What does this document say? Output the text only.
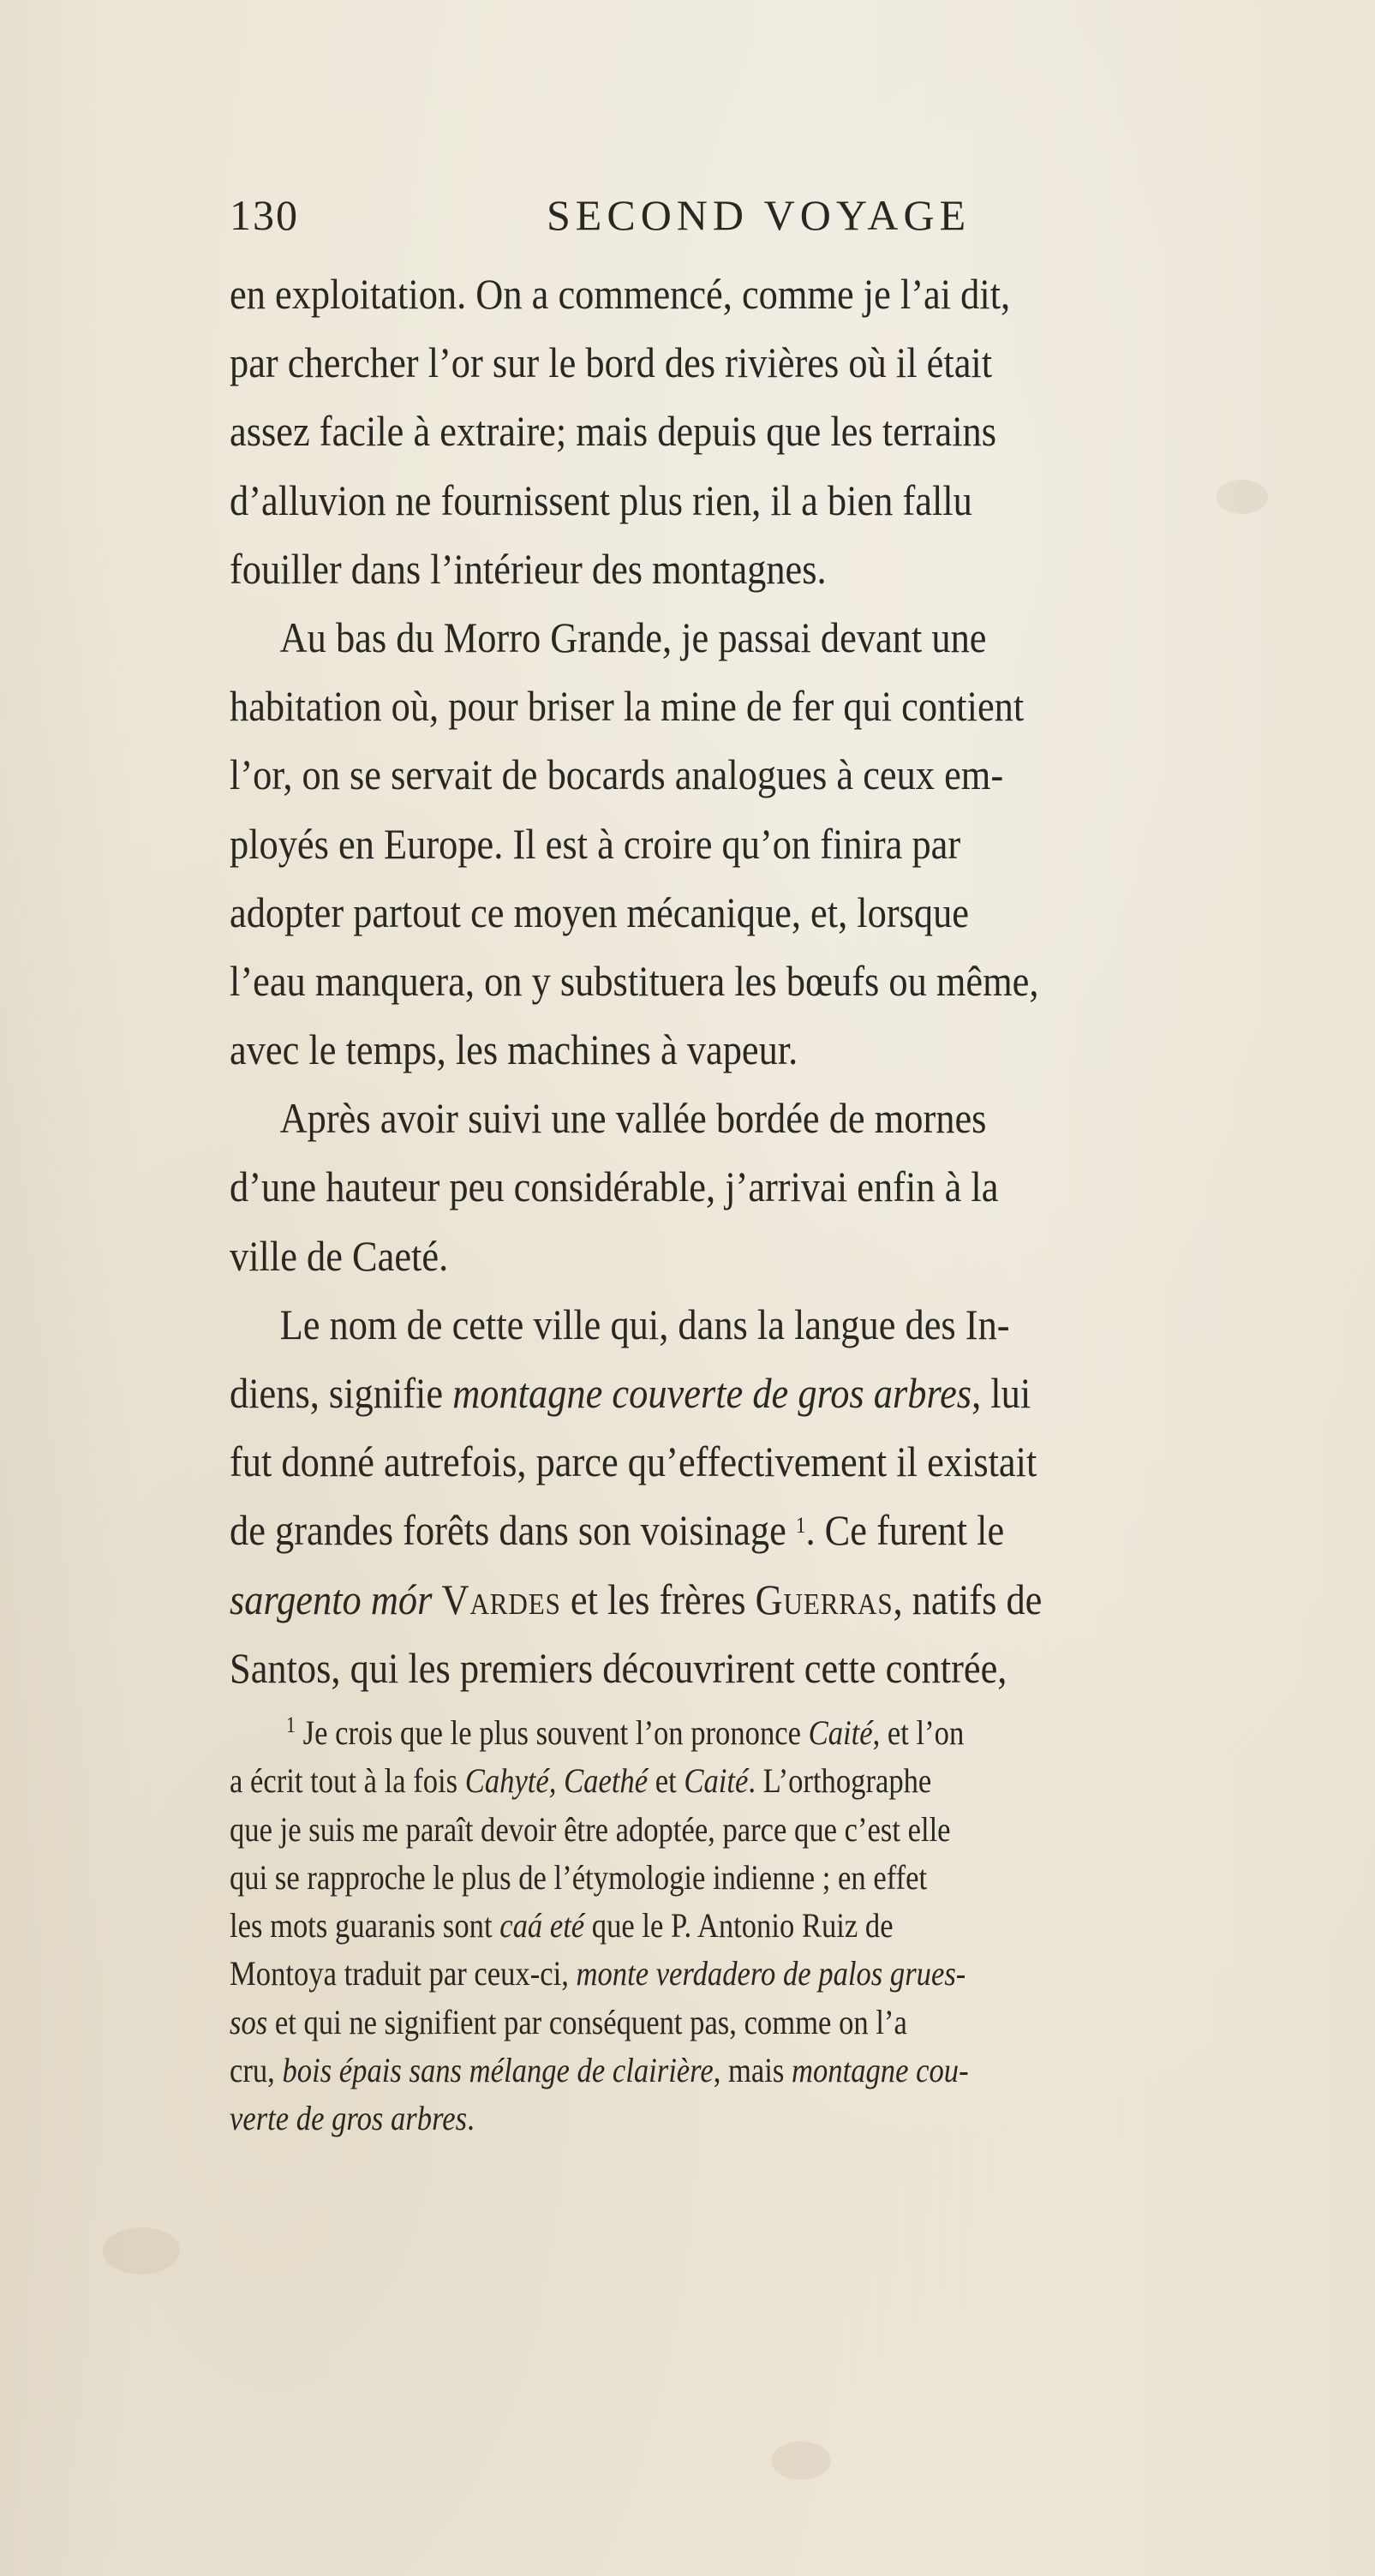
130	SECOND VOYAGE
en exploitation. On a commencé, comme je l’ai dit,
par chercher l’or sur le bord des rivières où il était
assez facile à extraire; mais depuis que les terrains
d’alluvion ne fournissent plus rien, il a bien fallu
fouiller dans l’intérieur des montagnes.
Au bas du Morro Grande, je passai devant une
habitation où, pour briser la mine de fer qui contient
l’or, on se servait de bocards analogues à ceux em-
ployés en Europe. Il est à croire qu’on finira par
adopter partout ce moyen mécanique, et, lorsque
l’eau manquera, on y substituera les bœufs ou même,
avec le temps, les machines à vapeur.
Après avoir suivi une vallée bordée de mornes
d’une hauteur peu considérable, j’arrivai enfin à la
ville de Caeté.
Le nom de cette ville qui, dans la langue des In-
diens, signifie montagne couverte de gros arbres, lui
fut donné autrefois, parce qu’effectivement il existait
de grandes forêts dans son voisinage $^1$. Ce furent le
sargento mór Vardes et les frères Guerras, natifs de
Santos, qui les premiers découvrirent cette contrée,
$^1$ Je crois que le plus souvent l’on prononce Caité, et l’on
a écrit tout à la fois Cahyté, Caethé et Caité. L’orthographe
que je suis me paraît devoir être adoptée, parce que c’est elle
qui se rapproche le plus de l’étymologie indienne ; en effet
les mots guaranis sont caá eté que le P. Antonio Ruiz de
Montoya traduit par ceux-ci, monte verdadero de palos grues-
sos et qui ne signifient par conséquent pas, comme on l’a
cru, bois épais sans mélange de clairière, mais montagne cou-
verte de gros arbres.
